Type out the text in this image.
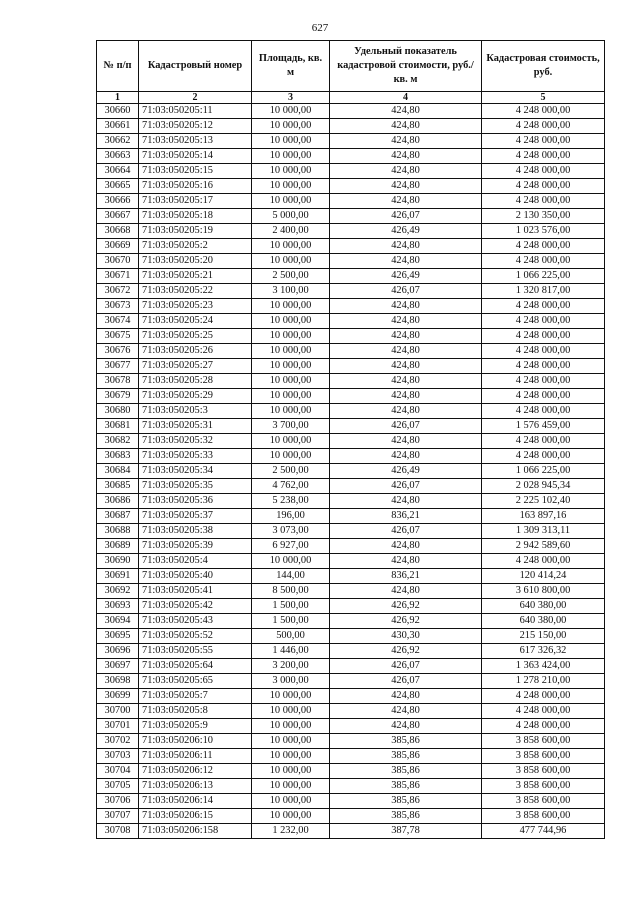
627
№ п/п	Кадастровый номер	Площадь, кв. м	Удельный показатель кадастровой стоимости, руб./кв. м	Кадастровая стоимость, руб.
1	2	3	4	5
30660	71:03:050205:11	10 000,00	424,80	4 248 000,00
30661	71:03:050205:12	10 000,00	424,80	4 248 000,00
30662	71:03:050205:13	10 000,00	424,80	4 248 000,00
30663	71:03:050205:14	10 000,00	424,80	4 248 000,00
30664	71:03:050205:15	10 000,00	424,80	4 248 000,00
30665	71:03:050205:16	10 000,00	424,80	4 248 000,00
30666	71:03:050205:17	10 000,00	424,80	4 248 000,00
30667	71:03:050205:18	5 000,00	426,07	2 130 350,00
30668	71:03:050205:19	2 400,00	426,49	1 023 576,00
30669	71:03:050205:2	10 000,00	424,80	4 248 000,00
30670	71:03:050205:20	10 000,00	424,80	4 248 000,00
30671	71:03:050205:21	2 500,00	426,49	1 066 225,00
30672	71:03:050205:22	3 100,00	426,07	1 320 817,00
30673	71:03:050205:23	10 000,00	424,80	4 248 000,00
30674	71:03:050205:24	10 000,00	424,80	4 248 000,00
30675	71:03:050205:25	10 000,00	424,80	4 248 000,00
30676	71:03:050205:26	10 000,00	424,80	4 248 000,00
30677	71:03:050205:27	10 000,00	424,80	4 248 000,00
30678	71:03:050205:28	10 000,00	424,80	4 248 000,00
30679	71:03:050205:29	10 000,00	424,80	4 248 000,00
30680	71:03:050205:3	10 000,00	424,80	4 248 000,00
30681	71:03:050205:31	3 700,00	426,07	1 576 459,00
30682	71:03:050205:32	10 000,00	424,80	4 248 000,00
30683	71:03:050205:33	10 000,00	424,80	4 248 000,00
30684	71:03:050205:34	2 500,00	426,49	1 066 225,00
30685	71:03:050205:35	4 762,00	426,07	2 028 945,34
30686	71:03:050205:36	5 238,00	424,80	2 225 102,40
30687	71:03:050205:37	196,00	836,21	163 897,16
30688	71:03:050205:38	3 073,00	426,07	1 309 313,11
30689	71:03:050205:39	6 927,00	424,80	2 942 589,60
30690	71:03:050205:4	10 000,00	424,80	4 248 000,00
30691	71:03:050205:40	144,00	836,21	120 414,24
30692	71:03:050205:41	8 500,00	424,80	3 610 800,00
30693	71:03:050205:42	1 500,00	426,92	640 380,00
30694	71:03:050205:43	1 500,00	426,92	640 380,00
30695	71:03:050205:52	500,00	430,30	215 150,00
30696	71:03:050205:55	1 446,00	426,92	617 326,32
30697	71:03:050205:64	3 200,00	426,07	1 363 424,00
30698	71:03:050205:65	3 000,00	426,07	1 278 210,00
30699	71:03:050205:7	10 000,00	424,80	4 248 000,00
30700	71:03:050205:8	10 000,00	424,80	4 248 000,00
30701	71:03:050205:9	10 000,00	424,80	4 248 000,00
30702	71:03:050206:10	10 000,00	385,86	3 858 600,00
30703	71:03:050206:11	10 000,00	385,86	3 858 600,00
30704	71:03:050206:12	10 000,00	385,86	3 858 600,00
30705	71:03:050206:13	10 000,00	385,86	3 858 600,00
30706	71:03:050206:14	10 000,00	385,86	3 858 600,00
30707	71:03:050206:15	10 000,00	385,86	3 858 600,00
30708	71:03:050206:158	1 232,00	387,78	477 744,96
